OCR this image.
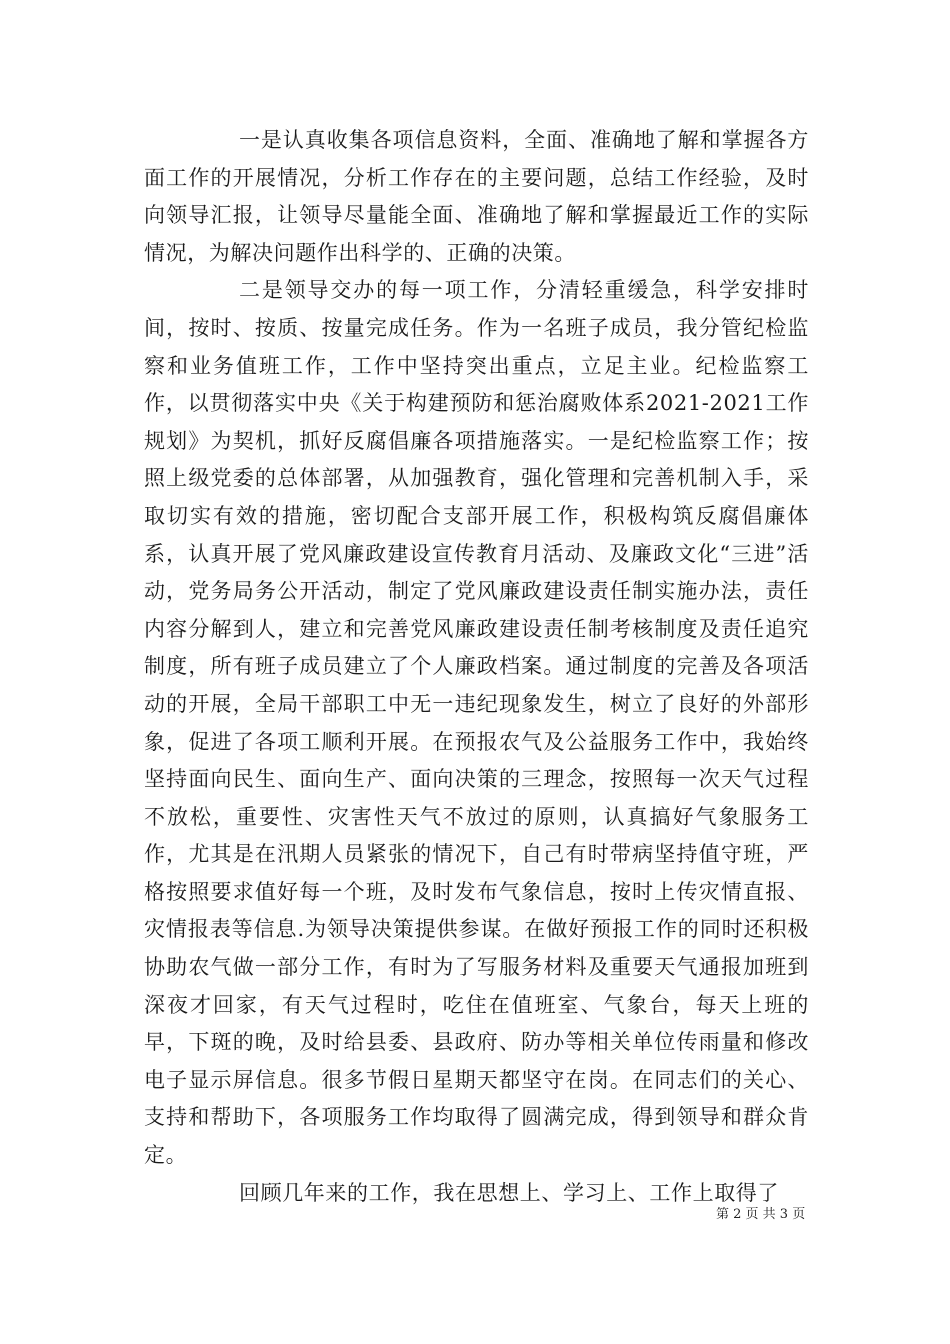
一是认真收集各项信息资料，全面、准确地了解和掌握各方面工作的开展情况，分析工作存在的主要问题，总结工作经验，及时向领导汇报，让领导尽量能全面、准确地了解和掌握最近工作的实际情况，为解决问题作出科学的、正确的决策。

二是领导交办的每一项工作，分清轻重缓急，科学安排时间，按时、按质、按量完成任务。作为一名班子成员，我分管纪检监察和业务值班工作，工作中坚持突出重点，立足主业。纪检监察工作，以贯彻落实中央《关于构建预防和惩治腐败体系2021-2021工作规划》为契机，抓好反腐倡廉各项措施落实。一是纪检监察工作；按照上级党委的总体部署，从加强教育，强化管理和完善机制入手，采取切实有效的措施，密切配合支部开展工作，积极构筑反腐倡廉体系，认真开展了党风廉政建设宣传教育月活动、及廉政文化“三进”活动，党务局务公开活动，制定了党风廉政建设责任制实施办法，责任内容分解到人，建立和完善党风廉政建设责任制考核制度及责任追究制度，所有班子成员建立了个人廉政档案。通过制度的完善及各项活动的开展，全局干部职工中无一违纪现象发生，树立了良好的外部形象，促进了各项工顺利开展。在预报农气及公益服务工作中，我始终坚持面向民生、面向生产、面向决策的三理念，按照每一次天气过程不放松，重要性、灾害性天气不放过的原则，认真搞好气象服务工作，尤其是在汛期人员紧张的情况下，自己有时带病坚持值守班，严格按照要求值好每一个班，及时发布气象信息，按时上传灾情直报、灾情报表等信息.为领导决策提供参谋。在做好预报工作的同时还积极协助农气做一部分工作，有时为了写服务材料及重要天气通报加班到深夜才回家，有天气过程时，吃住在值班室、气象台，每天上班的早，下斑的晚，及时给县委、县政府、防办等相关单位传雨量和修改电子显示屏信息。很多节假日星期天都坚守在岗。在同志们的关心、支持和帮助下，各项服务工作均取得了圆满完成，得到领导和群众肯定。

回顾几年来的工作，我在思想上、学习上、工作上取得了

第 2 页 共 3 页
